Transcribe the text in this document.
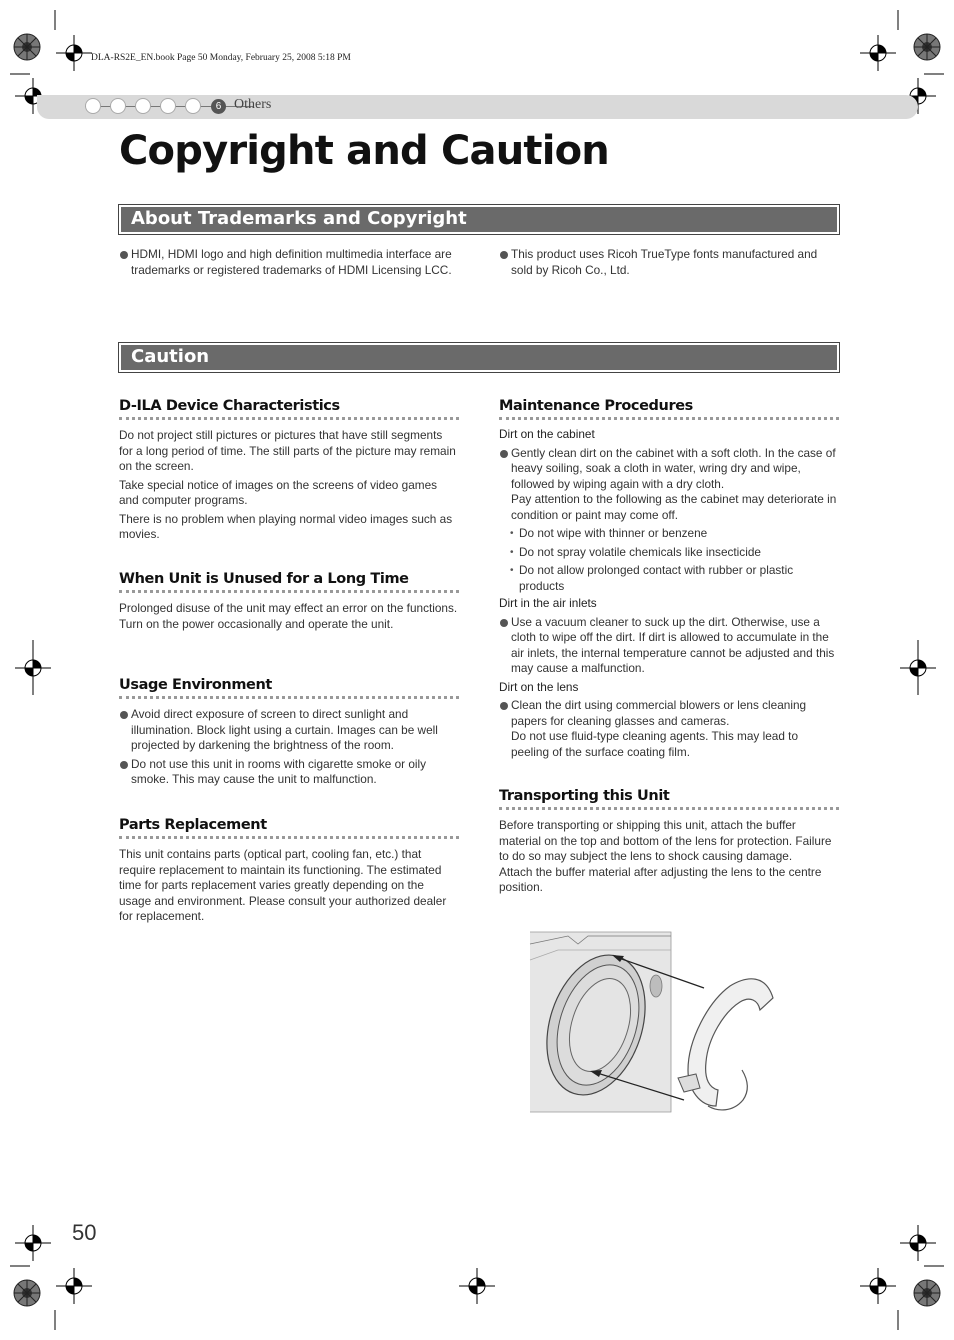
DLA-RS2E_EN.book Page 50 Monday, February 25, 2008 5:18 PM
6 Others
Copyright and Caution
About Trademarks and Copyright

HDMI, HDMI logo and high definition multimedia interface are trademarks or registered trademarks of HDMI Licensing LCC.

This product uses Ricoh TrueType fonts manufactured and sold by Ricoh Co., Ltd.

Caution
D-ILA Device Characteristics

Do not project still pictures or pictures that have still segments for a long period of time. The still parts of the picture may remain on the screen.

Take special notice of images on the screens of video games and computer programs.

There is no problem when playing normal video images such as movies.

When Unit is Unused for a Long Time

Prolonged disuse of the unit may effect an error on the functions. Turn on the power occasionally and operate the unit.

Usage Environment

Avoid direct exposure of screen to direct sunlight and illumination. Block light using a curtain. Images can be well projected by darkening the brightness of the room.

Do not use this unit in rooms with cigarette smoke or oily smoke. This may cause the unit to malfunction.

Parts Replacement

This unit contains parts (optical part, cooling fan, etc.) that require replacement to maintain its functioning. The estimated time for parts replacement varies greatly depending on the usage and environment. Please consult your authorized dealer for replacement.

Maintenance Procedures

Dirt on the cabinet

Gently clean dirt on the cabinet with a soft cloth. In the case of heavy soiling, soak a cloth in water, wring dry and wipe, followed by wiping again with a dry cloth.

Pay attention to the following as the cabinet may deteriorate in condition or paint may come off.

• Do not wipe with thinner or benzene

• Do not spray volatile chemicals like insecticide

• Do not allow prolonged contact with rubber or plastic products

Dirt in the air inlets

Use a vacuum cleaner to suck up the dirt. Otherwise, use a cloth to wipe off the dirt. If dirt is allowed to accumulate in the air inlets, the internal temperature cannot be adjusted and this may cause a malfunction.

Dirt on the lens

Clean the dirt using commercial blowers or lens cleaning papers for cleaning glasses and cameras.

Do not use fluid-type cleaning agents. This may lead to peeling of the surface coating film.

Transporting this Unit

Before transporting or shipping this unit, attach the buffer material on the top and bottom of the lens for protection. Failure to do so may subject the lens to shock causing damage.

Attach the buffer material after adjusting the lens to the centre position.

50
